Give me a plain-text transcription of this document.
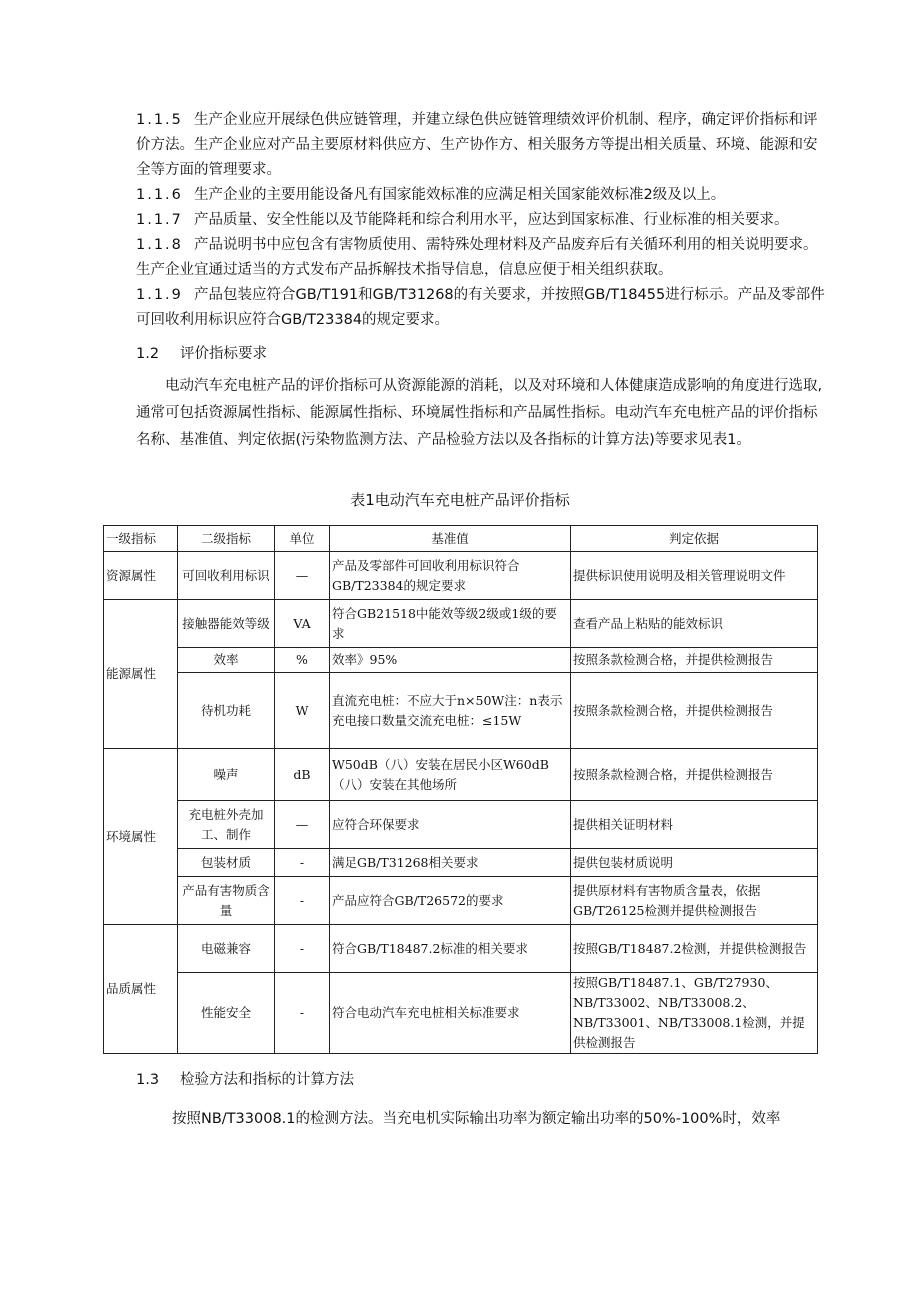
1.1.5 生产企业应开展绿色供应链管理，并建立绿色供应链管理绩效评价机制、程序，确定评价指标和评价方法。生产企业应对产品主要原材料供应方、生产协作方、相关服务方等提出相关质量、环境、能源和安全等方面的管理要求。
1.1.6 生产企业的主要用能设备凡有国家能效标准的应满足相关国家能效标准2级及以上。
1.1.7 产品质量、安全性能以及节能降耗和综合利用水平，应达到国家标准、行业标准的相关要求。
1.1.8 产品说明书中应包含有害物质使用、需特殊处理材料及产品废弃后有关循环利用的相关说明要求。生产企业宜通过适当的方式发布产品拆解技术指导信息，信息应便于相关组织获取。
1.1.9 产品包装应符合GB/T191和GB/T31268的有关要求，并按照GB/T18455进行标示。产品及零部件可回收利用标识应符合GB/T23384的规定要求。
1.2 评价指标要求
电动汽车充电桩产品的评价指标可从资源能源的消耗，以及对环境和人体健康造成影响的角度进行选取,通常可包括资源属性指标、能源属性指标、环境属性指标和产品属性指标。电动汽车充电桩产品的评价指标名称、基准值、判定依据(污染物监测方法、产品检验方法以及各指标的计算方法)等要求见表1。
表1电动汽车充电桩产品评价指标
一级指标	二级指标	单位	基准值	判定依据
资源属性	可回收利用标识	—	产品及零部件可回收利用标识符合GB/T23384的规定要求	提供标识使用说明及相关管理说明文件
能源属性	接触器能效等级	VA	符合GB21518中能效等级2级或1级的要求	查看产品上粘贴的能效标识
	效率	%	效率》95%	按照条款检测合格，并提供检测报告
	待机功耗	W	直流充电桩：不应大于n×50W注：n表示充电接口数量交流充电桩：≤15W	按照条款检测合格，并提供检测报告
环境属性	噪声	dB	W50dB（八）安装在居民小区W60dB（八）安装在其他场所	按照条款检测合格，并提供检测报告
	充电桩外壳加工、制作	—	应符合环保要求	提供相关证明材料
	包装材质	-	满足GB/T31268相关要求	提供包装材质说明
	产品有害物质含量	-	产品应符合GB/T26572的要求	提供原材料有害物质含量表，依据GB/T26125检测并提供检测报告
品质属性	电磁兼容	-	符合GB/T18487.2标准的相关要求	按照GB/T18487.2检测，并提供检测报告
	性能安全	-	符合电动汽车充电桩相关标准要求	按照GB/T18487.1、GB/T27930、NB/T33002、NB/T33008.2、NB/T33001、NB/T33008.1检测，并提供检测报告
1.3 检验方法和指标的计算方法
按照NB/T33008.1的检测方法。当充电机实际输出功率为额定输出功率的50%-100%时，效率
